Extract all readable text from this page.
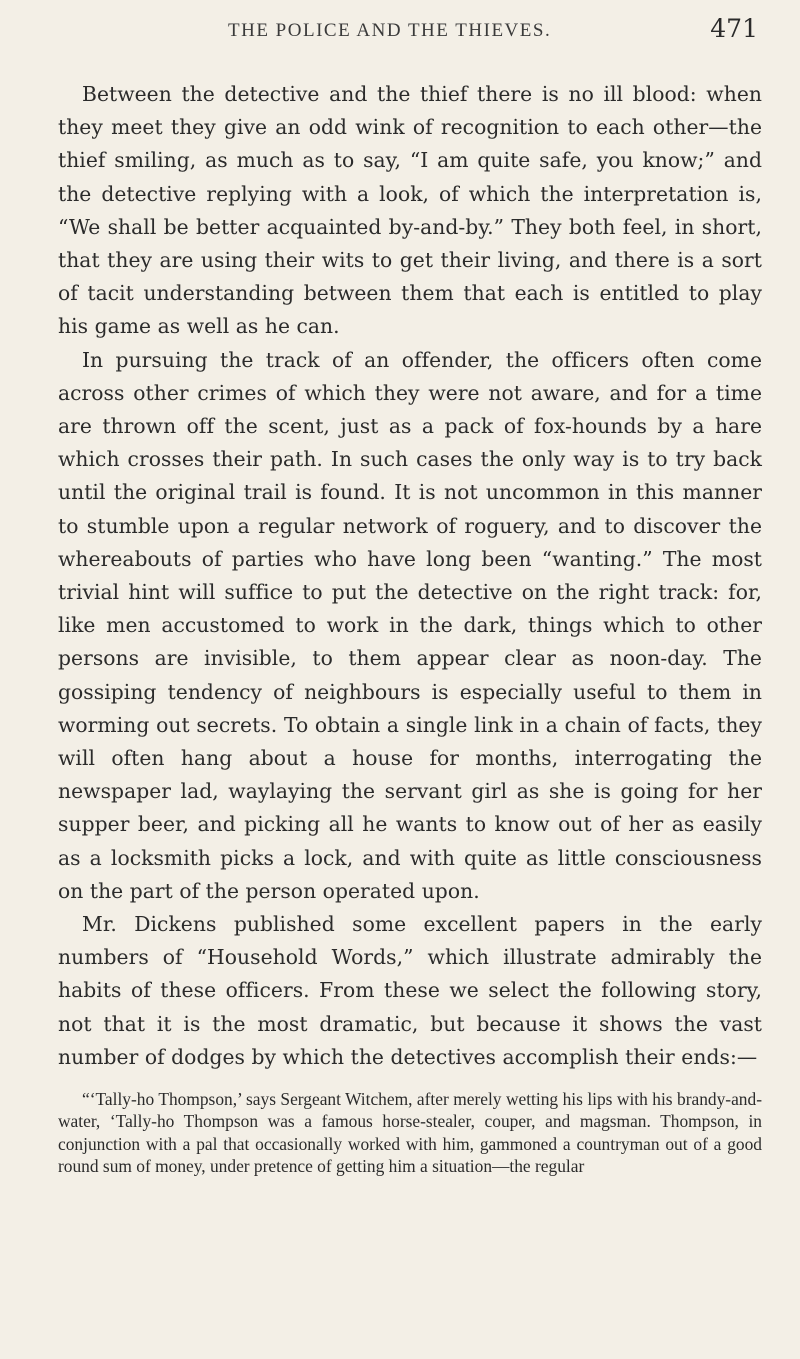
THE POLICE AND THE THIEVES.	471

Between the detective and the thief there is no ill blood: when they meet they give an odd wink of recognition to each other—the thief smiling, as much as to say, “I am quite safe, you know;” and the detective replying with a look, of which the interpretation is, “We shall be better acquainted by-and-by.” They both feel, in short, that they are using their wits to get their living, and there is a sort of tacit understanding between them that each is entitled to play his game as well as he can.

In pursuing the track of an offender, the officers often come across other crimes of which they were not aware, and for a time are thrown off the scent, just as a pack of fox-hounds by a hare which crosses their path. In such cases the only way is to try back until the original trail is found. It is not uncommon in this manner to stumble upon a regular network of roguery, and to discover the whereabouts of parties who have long been “wanting.” The most trivial hint will suffice to put the detective on the right track: for, like men accustomed to work in the dark, things which to other persons are invisible, to them appear clear as noon-day. The gossiping tendency of neighbours is especially useful to them in worming out secrets. To obtain a single link in a chain of facts, they will often hang about a house for months, interrogating the newspaper lad, waylaying the servant girl as she is going for her supper beer, and picking all he wants to know out of her as easily as a locksmith picks a lock, and with quite as little consciousness on the part of the person operated upon.

Mr. Dickens published some excellent papers in the early numbers of “Household Words,” which illustrate admirably the habits of these officers. From these we select the following story, not that it is the most dramatic, but because it shows the vast number of dodges by which the detectives accomplish their ends:—

“‘Tally-ho Thompson,’ says Sergeant Witchem, after merely wetting his lips with his brandy-and-water, ‘Tally-ho Thompson was a famous horse-stealer, couper, and magsman. Thompson, in conjunction with a pal that occasionally worked with him, gammoned a countryman out of a good round sum of money, under pretence of getting him a situation—the regular
